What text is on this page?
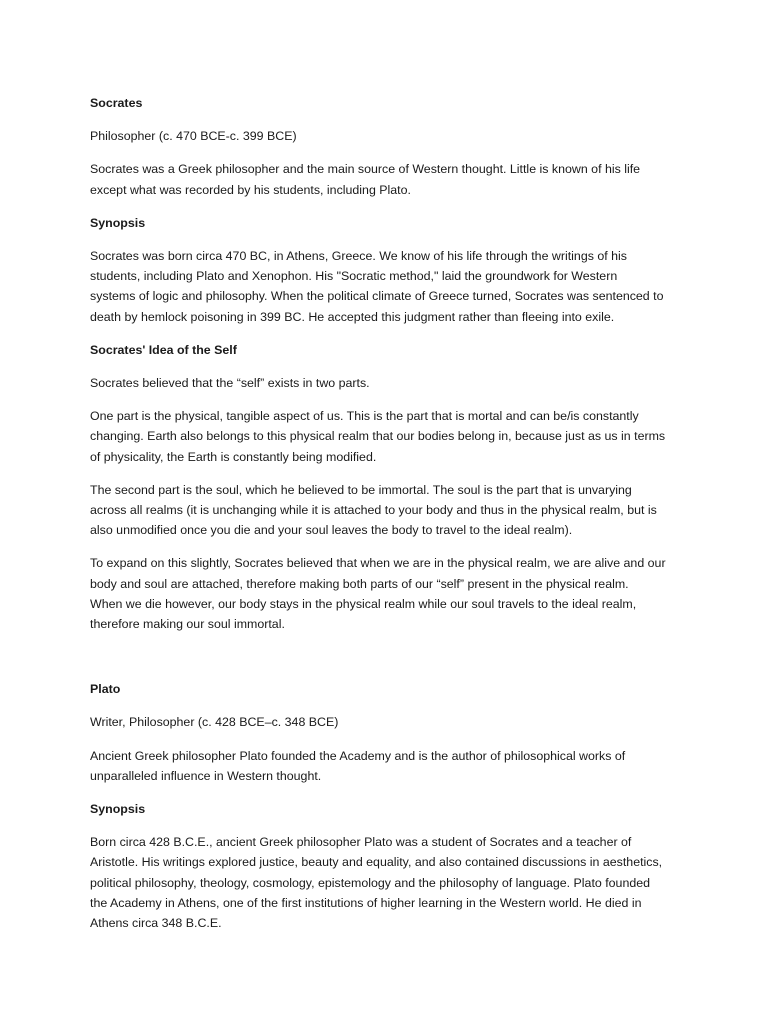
Socrates

Philosopher (c. 470 BCE-c. 399 BCE)

Socrates was a Greek philosopher and the main source of Western thought. Little is known of his life

except what was recorded by his students, including Plato.

Synopsis

Socrates was born circa 470 BC, in Athens, Greece. We know of his life through the writings of his

students, including Plato and Xenophon. His "Socratic method," laid the groundwork for Western

systems of logic and philosophy. When the political climate of Greece turned, Socrates was sentenced to

death by hemlock poisoning in 399 BC. He accepted this judgment rather than fleeing into exile.

Socrates' Idea of the Self

Socrates believed that the “self” exists in two parts.

One part is the physical, tangible aspect of us. This is the part that is mortal and can be/is constantly

changing. Earth also belongs to this physical realm that our bodies belong in, because just as us in terms

of physicality, the Earth is constantly being modified.

The second part is the soul, which he believed to be immortal. The soul is the part that is unvarying

across all realms (it is unchanging while it is attached to your body and thus in the physical realm, but is

also unmodified once you die and your soul leaves the body to travel to the ideal realm).

To expand on this slightly, Socrates believed that when we are in the physical realm, we are alive and our

body and soul are attached, therefore making both parts of our “self” present in the physical realm.

When we die however, our body stays in the physical realm while our soul travels to the ideal realm,

therefore making our soul immortal.

Plato

Writer, Philosopher (c. 428 BCE–c. 348 BCE)

Ancient Greek philosopher Plato founded the Academy and is the author of philosophical works of

unparalleled influence in Western thought.

Synopsis

Born circa 428 B.C.E., ancient Greek philosopher Plato was a student of Socrates and a teacher of

Aristotle. His writings explored justice, beauty and equality, and also contained discussions in aesthetics,

political philosophy, theology, cosmology, epistemology and the philosophy of language. Plato founded

the Academy in Athens, one of the first institutions of higher learning in the Western world. He died in

Athens circa 348 B.C.E.
